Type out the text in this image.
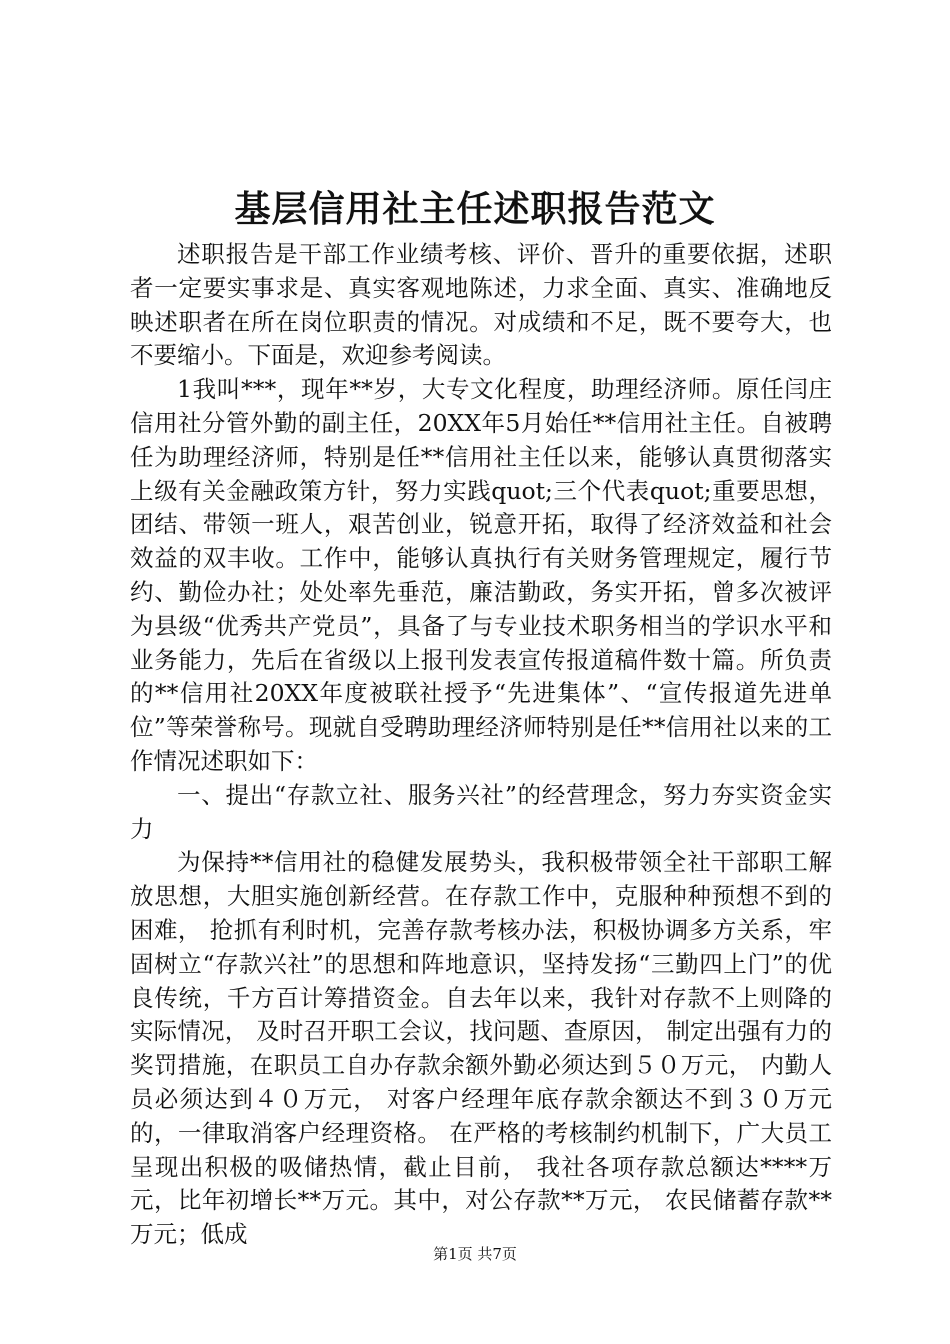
基层信用社主任述职报告范文

述职报告是干部工作业绩考核、评价、晋升的重要依据，述职者一定要实事求是、真实客观地陈述，力求全面、真实、准确地反映述职者在所在岗位职责的情况。对成绩和不足，既不要夸大，也不要缩小。下面是，欢迎参考阅读。

1我叫***，现年**岁，大专文化程度，助理经济师。原任闫庄信用社分管外勤的副主任，20XX年5月始任**信用社主任。自被聘任为助理经济师，特别是任**信用社主任以来，能够认真贯彻落实上级有关金融政策方针，努力实践quot;三个代表quot;重要思想，团结、带领一班人，艰苦创业，锐意开拓，取得了经济效益和社会效益的双丰收。工作中，能够认真执行有关财务管理规定，履行节约、勤俭办社；处处率先垂范，廉洁勤政，务实开拓，曾多次被评为县级“优秀共产党员”，具备了与专业技术职务相当的学识水平和业务能力，先后在省级以上报刊发表宣传报道稿件数十篇。所负责的**信用社20XX年度被联社授予“先进集体”、“宣传报道先进单位”等荣誉称号。现就自受聘助理经济师特别是任**信用社以来的工作情况述职如下：

一、提出“存款立社、服务兴社”的经营理念，努力夯实资金实力

为保持**信用社的稳健发展势头，我积极带领全社干部职工解放思想，大胆实施创新经营。在存款工作中，克服种种预想不到的困难， 抢抓有利时机，完善存款考核办法，积极协调多方关系，牢固树立“存款兴社”的思想和阵地意识，坚持发扬“三勤四上门”的优良传统，千方百计筹措资金。自去年以来，我针对存款不上则降的实际情况， 及时召开职工会议，找问题、查原因， 制定出强有力的奖罚措施，在职员工自办存款余额外勤必须达到５０万元， 内勤人员必须达到４０万元， 对客户经理年底存款余额达不到３０万元的，一律取消客户经理资格。 在严格的考核制约机制下，广大员工呈现出积极的吸储热情，截止目前， 我社各项存款总额达****万元，比年初增长**万元。其中，对公存款**万元， 农民储蓄存款**万元；低成

第1页 共7页
